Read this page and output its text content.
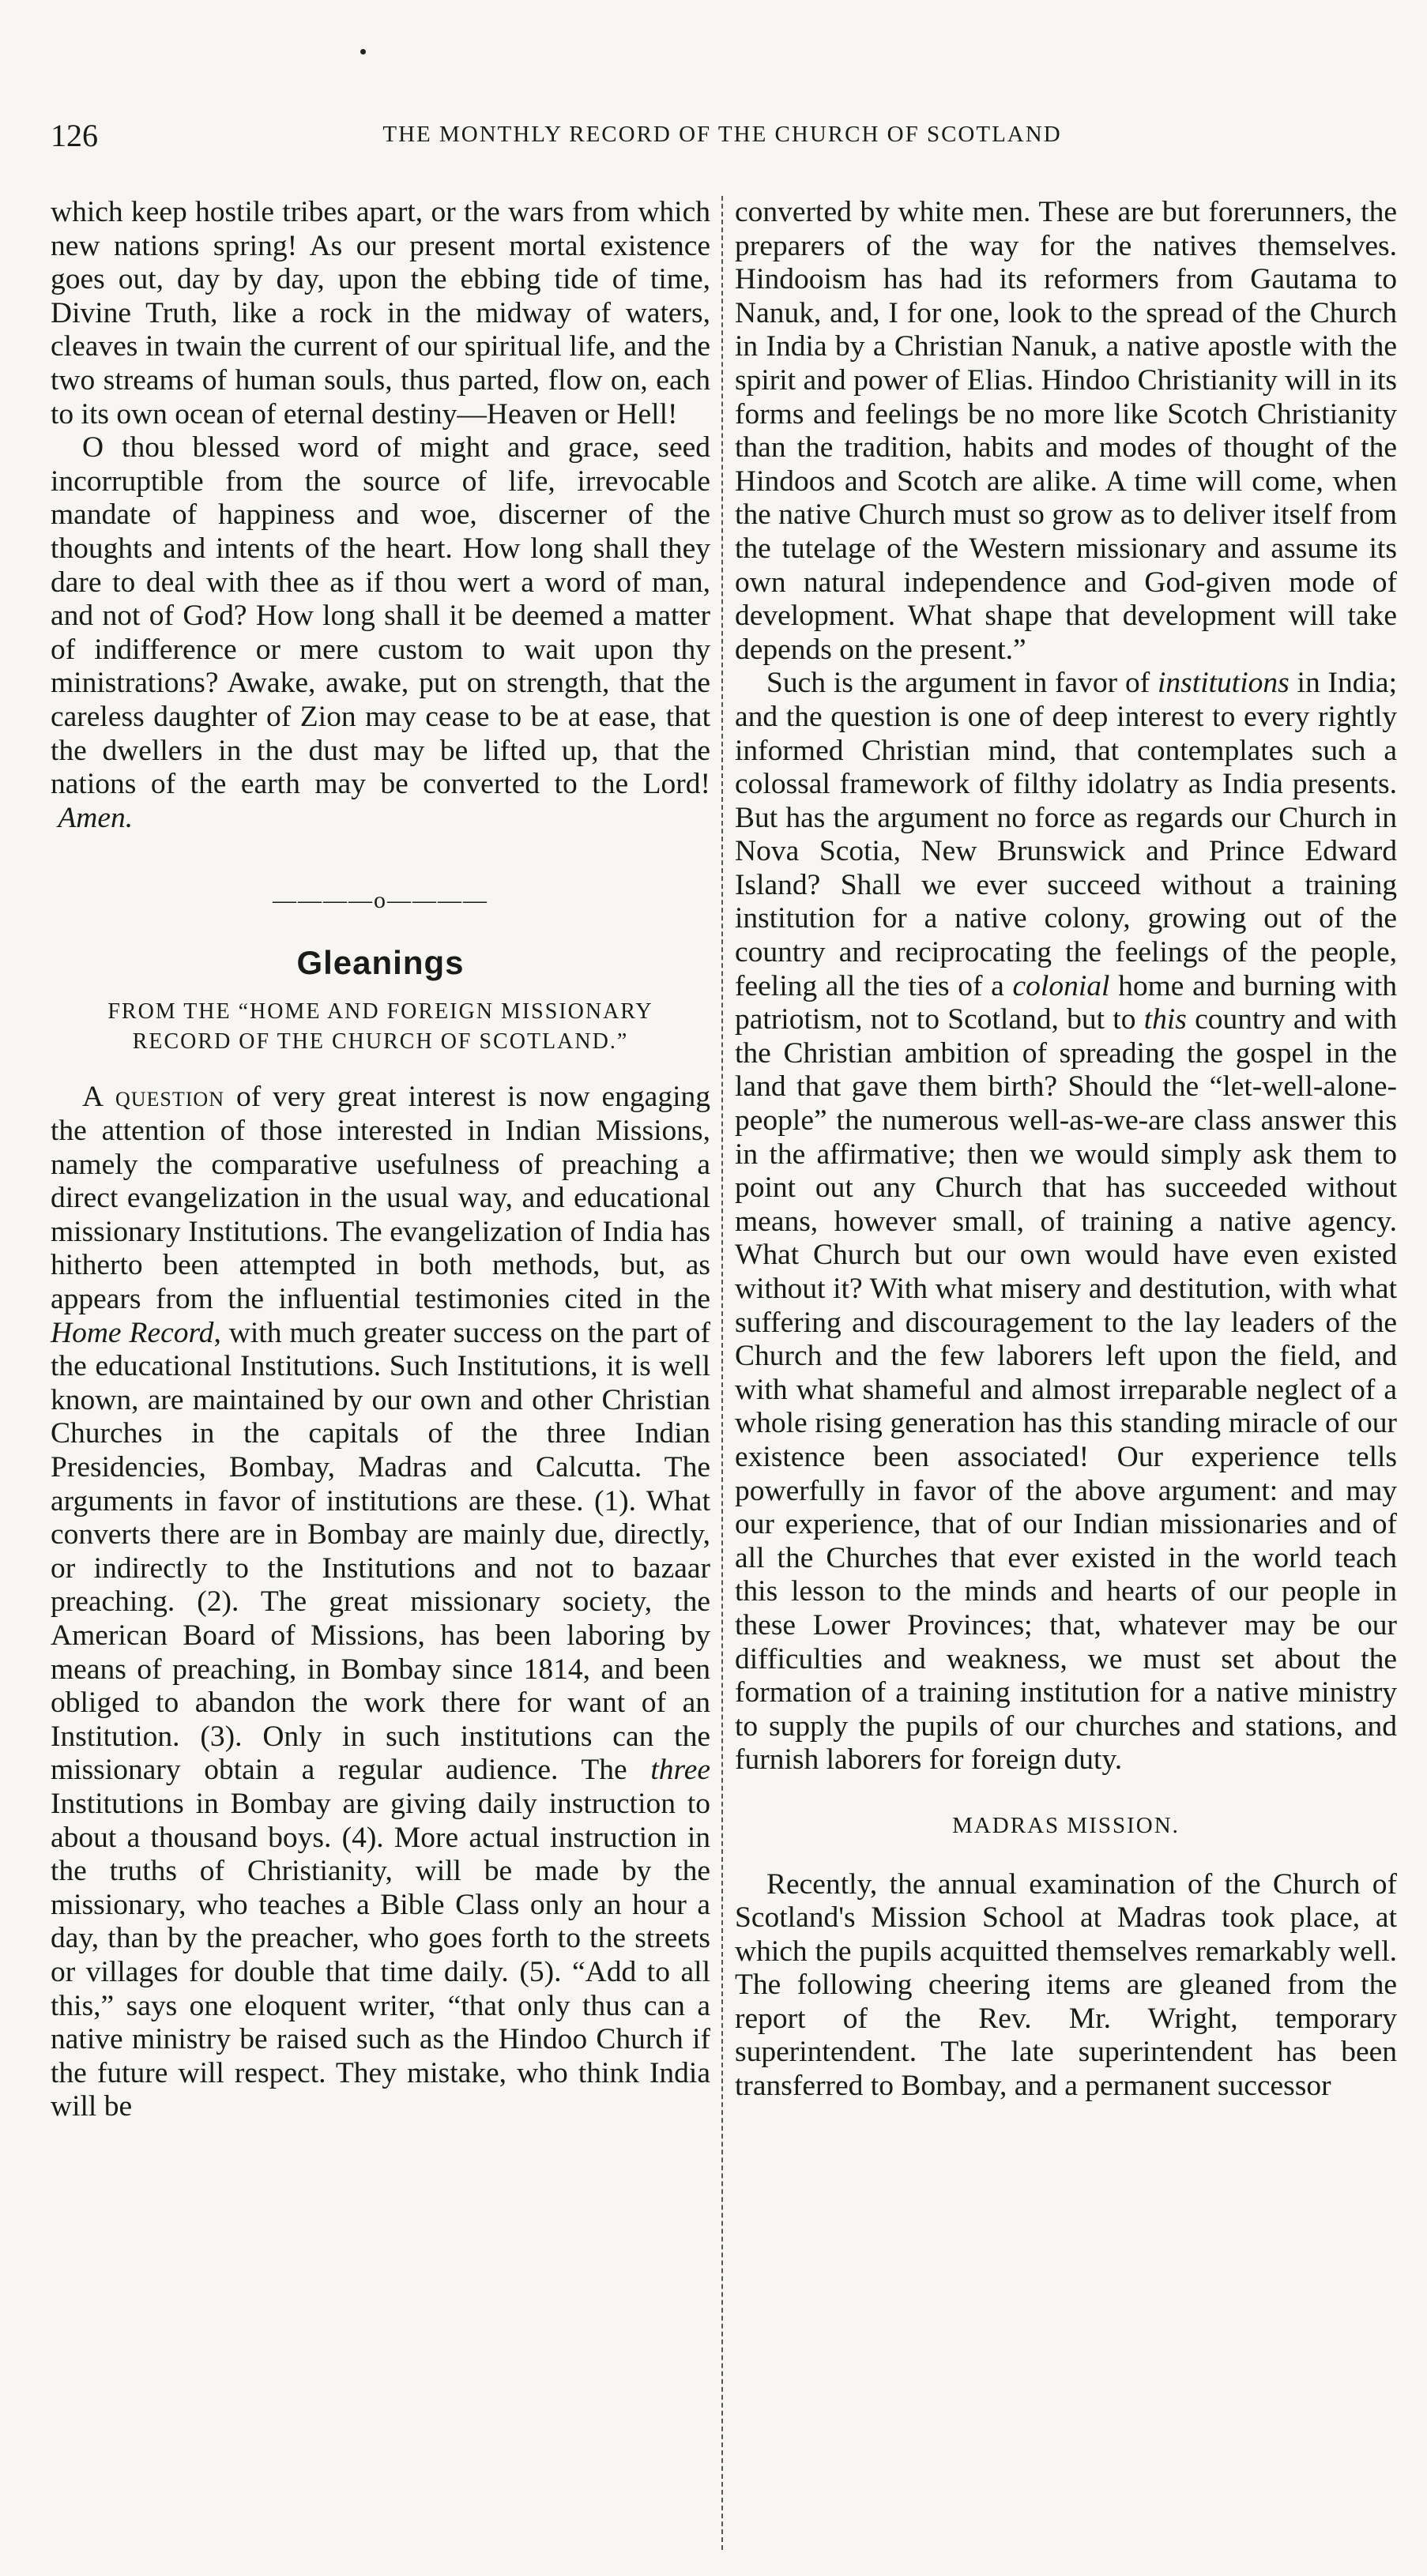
126	THE MONTHLY RECORD OF THE CHURCH OF SCOTLAND

which keep hostile tribes apart, or the wars from which new nations spring! As our present mortal existence goes out, day by day, upon the ebbing tide of time, Divine Truth, like a rock in the midway of waters, cleaves in twain the current of our spiritual life, and the two streams of human souls, thus parted, flow on, each to its own ocean of eternal destiny—Heaven or Hell!

O thou blessed word of might and grace, seed incorruptible from the source of life, irrevocable mandate of happiness and woe, discerner of the thoughts and intents of the heart. How long shall they dare to deal with thee as if thou wert a word of man, and not of God? How long shall it be deemed a matter of indifference or mere custom to wait upon thy ministrations? Awake, awake, put on strength, that the careless daughter of Zion may cease to be at ease, that the dwellers in the dust may be lifted up, that the nations of the earth may be converted to the Lord!  Amen.

————o————
Gleanings
FROM THE “HOME AND FOREIGN MISSIONARY RECORD OF THE CHURCH OF SCOTLAND.”

A question of very great interest is now engaging the attention of those interested in Indian Missions, namely the comparative usefulness of preaching a direct evangelization in the usual way, and educational missionary Institutions. The evangelization of India has hitherto been attempted in both methods, but, as appears from the influential testimonies cited in the Home Record, with much greater success on the part of the educational Institutions. Such Institutions, it is well known, are maintained by our own and other Christian Churches in the capitals of the three Indian Presidencies, Bombay, Madras and Calcutta. The arguments in favor of institutions are these. (1). What converts there are in Bombay are mainly due, directly, or indirectly to the Institutions and not to bazaar preaching. (2). The great missionary society, the American Board of Missions, has been laboring by means of preaching, in Bombay since 1814, and been obliged to abandon the work there for want of an Institution. (3). Only in such institutions can the missionary obtain a regular audience. The three Institutions in Bombay are giving daily instruction to about a thousand boys. (4). More actual instruction in the truths of Christianity, will be made by the missionary, who teaches a Bible Class only an hour a day, than by the preacher, who goes forth to the streets or villages for double that time daily. (5). “Add to all this,” says one eloquent writer, “that only thus can a native ministry be raised such as the Hindoo Church if the future will respect. They mistake, who think India will be

converted by white men. These are but forerunners, the preparers of the way for the natives themselves. Hindooism has had its reformers from Gautama to Nanuk, and, I for one, look to the spread of the Church in India by a Christian Nanuk, a native apostle with the spirit and power of Elias. Hindoo Christianity will in its forms and feelings be no more like Scotch Christianity than the tradition, habits and modes of thought of the Hindoos and Scotch are alike. A time will come, when the native Church must so grow as to deliver itself from the tutelage of the Western missionary and assume its own natural independence and God-given mode of development. What shape that development will take depends on the present.”

Such is the argument in favor of institutions in India; and the question is one of deep interest to every rightly informed Christian mind, that contemplates such a colossal framework of filthy idolatry as India presents. But has the argument no force as regards our Church in Nova Scotia, New Brunswick and Prince Edward Island? Shall we ever succeed without a training institution for a native colony, growing out of the country and reciprocating the feelings of the people, feeling all the ties of a colonial home and burning with patriotism, not to Scotland, but to this country and with the Christian ambition of spreading the gospel in the land that gave them birth? Should the “let-well-alone-people” the numerous well-as-we-are class answer this in the affirmative; then we would simply ask them to point out any Church that has succeeded without means, however small, of training a native agency. What Church but our own would have even existed without it? With what misery and destitution, with what suffering and discouragement to the lay leaders of the Church and the few laborers left upon the field, and with what shameful and almost irreparable neglect of a whole rising generation has this standing miracle of our existence been associated! Our experience tells powerfully in favor of the above argument: and may our experience, that of our Indian missionaries and of all the Churches that ever existed in the world teach this lesson to the minds and hearts of our people in these Lower Provinces; that, whatever may be our difficulties and weakness, we must set about the formation of a training institution for a native ministry to supply the pupils of our churches and stations, and furnish laborers for foreign duty.

MADRAS MISSION.

Recently, the annual examination of the Church of Scotland's Mission School at Madras took place, at which the pupils acquitted themselves remarkably well. The following cheering items are gleaned from the report of the Rev. Mr. Wright, temporary superintendent. The late superintendent has been transferred to Bombay, and a permanent successor
